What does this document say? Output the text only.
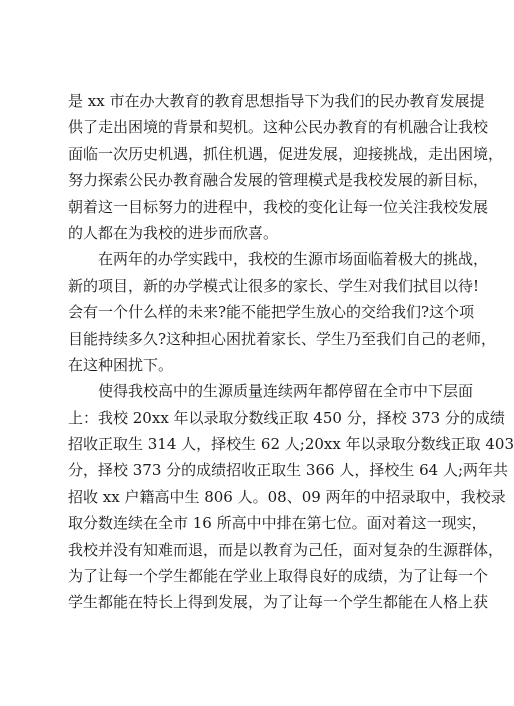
是 xx 市在办大教育的教育思想指导下为我们的民办教育发展提
供了走出困境的背景和契机。这种公民办教育的有机融合让我校
面临一次历史机遇，抓住机遇，促进发展，迎接挑战，走出困境，
努力探索公民办教育融合发展的管理模式是我校发展的新目标，
朝着这一目标努力的进程中，我校的变化让每一位关注我校发展
的人都在为我校的进步而欣喜。
在两年的办学实践中，我校的生源市场面临着极大的挑战，
新的项目，新的办学模式让很多的家长、学生对我们拭目以待!
会有一个什么样的未来?能不能把学生放心的交给我们?这个项
目能持续多久?这种担心困扰着家长、学生乃至我们自己的老师，
在这种困扰下。
使得我校高中的生源质量连续两年都停留在全市中下层面
上：我校 20xx 年以录取分数线正取 450 分，择校 373 分的成绩
招收正取生 314 人，择校生 62 人;20xx 年以录取分数线正取 403
分，择校 373 分的成绩招收正取生 366 人，择校生 64 人;两年共
招收 xx 户籍高中生 806 人。08、09 两年的中招录取中，我校录
取分数连续在全市 16 所高中中排在第七位。面对着这一现实，
我校并没有知难而退，而是以教育为己任，面对复杂的生源群体，
为了让每一个学生都能在学业上取得良好的成绩，为了让每一个
学生都能在特长上得到发展，为了让每一个学生都能在人格上获
